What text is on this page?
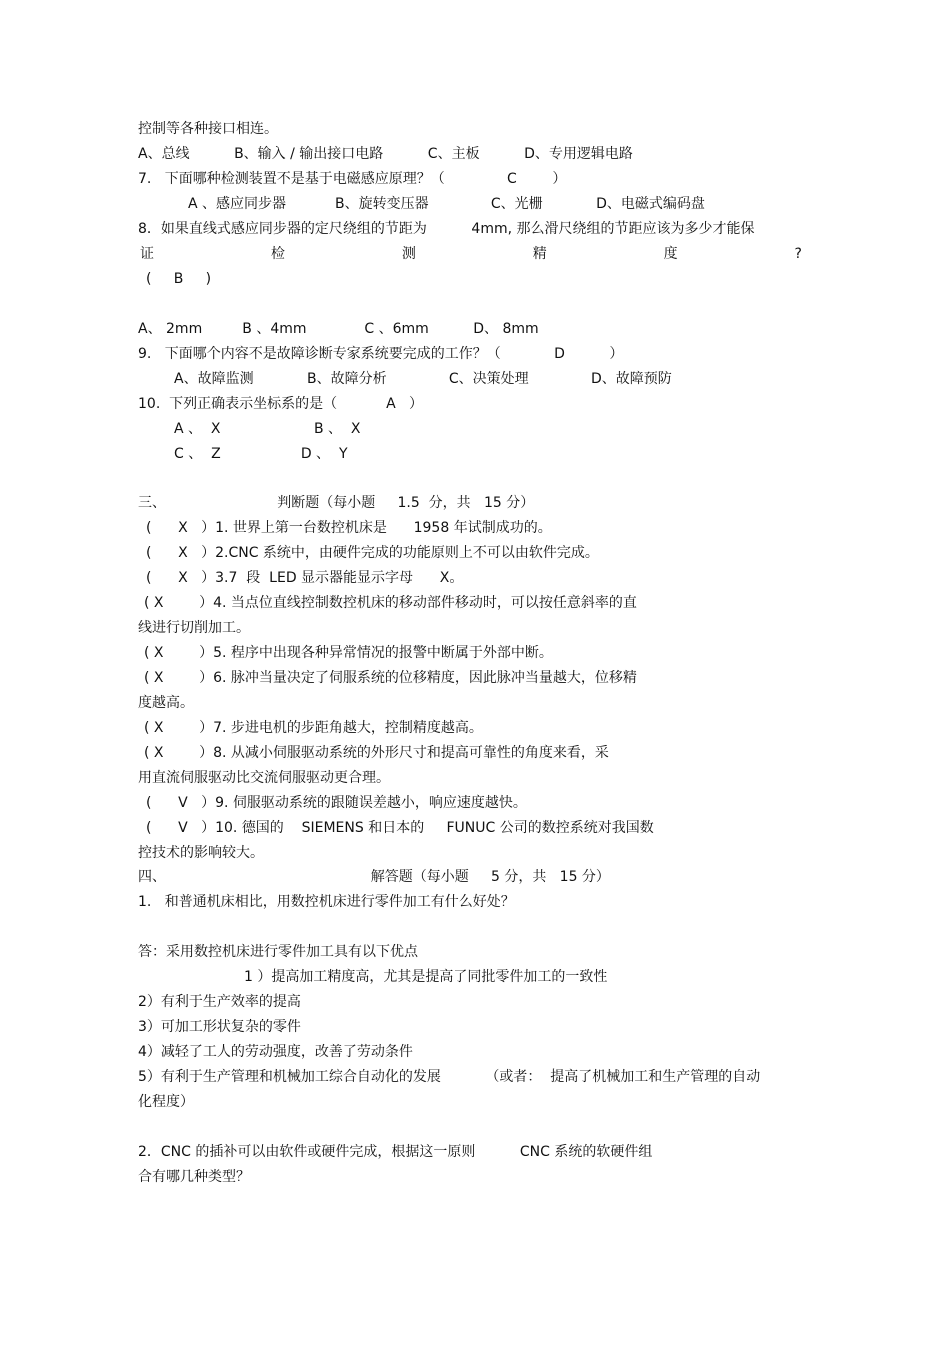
控制等各种接口相连。
A、总线          B、输入 / 输出接口电路          C、主板          D、专用逻辑电路
7.   下面哪种检测装置不是基于电磁感应原理？（              C        ）
A 、感应同步器           B、旋转变压器              C、光栅            D、电磁式编码盘
8．如果直线式感应同步器的定尺绕组的节距为          4mm, 那么滑尺绕组的节距应该为多少才能保
(     B     )
A、 2mm         B 、4mm             C 、6mm          D、 8mm
9.   下面哪个内容不是故障诊断专家系统要完成的工作？（            D          ）
A、故障监测            B、故障分析              C、决策处理              D、故障预防
10.  下列正确表示坐标系的是（           A   ）
A 、  X                     B 、  X
C 、  Z                  D 、  Y
三、                         判断题（每小题     1.5  分，共   15 分）
(      X   ）1. 世界上第一台数控机床是      1958 年试制成功的。
(      X   ）2.CNC 系统中，由硬件完成的功能原则上不可以由软件完成。
(      X   ）3.7  段  LED 显示器能显示字母      X。
( X        ）4. 当点位直线控制数控机床的移动部件移动时，可以按任意斜率的直
线进行切削加工。
( X        ）5. 程序中出现各种异常情况的报警中断属于外部中断。
( X        ）6. 脉冲当量决定了伺服系统的位移精度，因此脉冲当量越大，位移精
度越高。
( X        ）7. 步进电机的步距角越大，控制精度越高。
( X        ）8. 从减小伺服驱动系统的外形尺寸和提高可靠性的角度来看，采
用直流伺服驱动比交流伺服驱动更合理。
(      V   ）9. 伺服驱动系统的跟随误差越小，响应速度越快。
(      V   ）10. 德国的    SIEMENS 和日本的     FUNUC 公司的数控系统对我国数
控技术的影响较大。
四、                                              解答题（每小题     5 分，共   15 分）
1.   和普通机床相比，用数控机床进行零件加工有什么好处？
答：采用数控机床进行零件加工具有以下优点
1 ）提高加工精度高，尤其是提高了同批零件加工的一致性
2）有利于生产效率的提高
3）可加工形状复杂的零件
4）减轻了工人的劳动强度，改善了劳动条件
5）有利于生产管理和机械加工综合自动化的发展          （或者：  提高了机械加工和生产管理的自动
化程度）
2．CNC 的插补可以由软件或硬件完成，根据这一原则          CNC 系统的软硬件组
合有哪几种类型？
证	检	测	精	度	?
